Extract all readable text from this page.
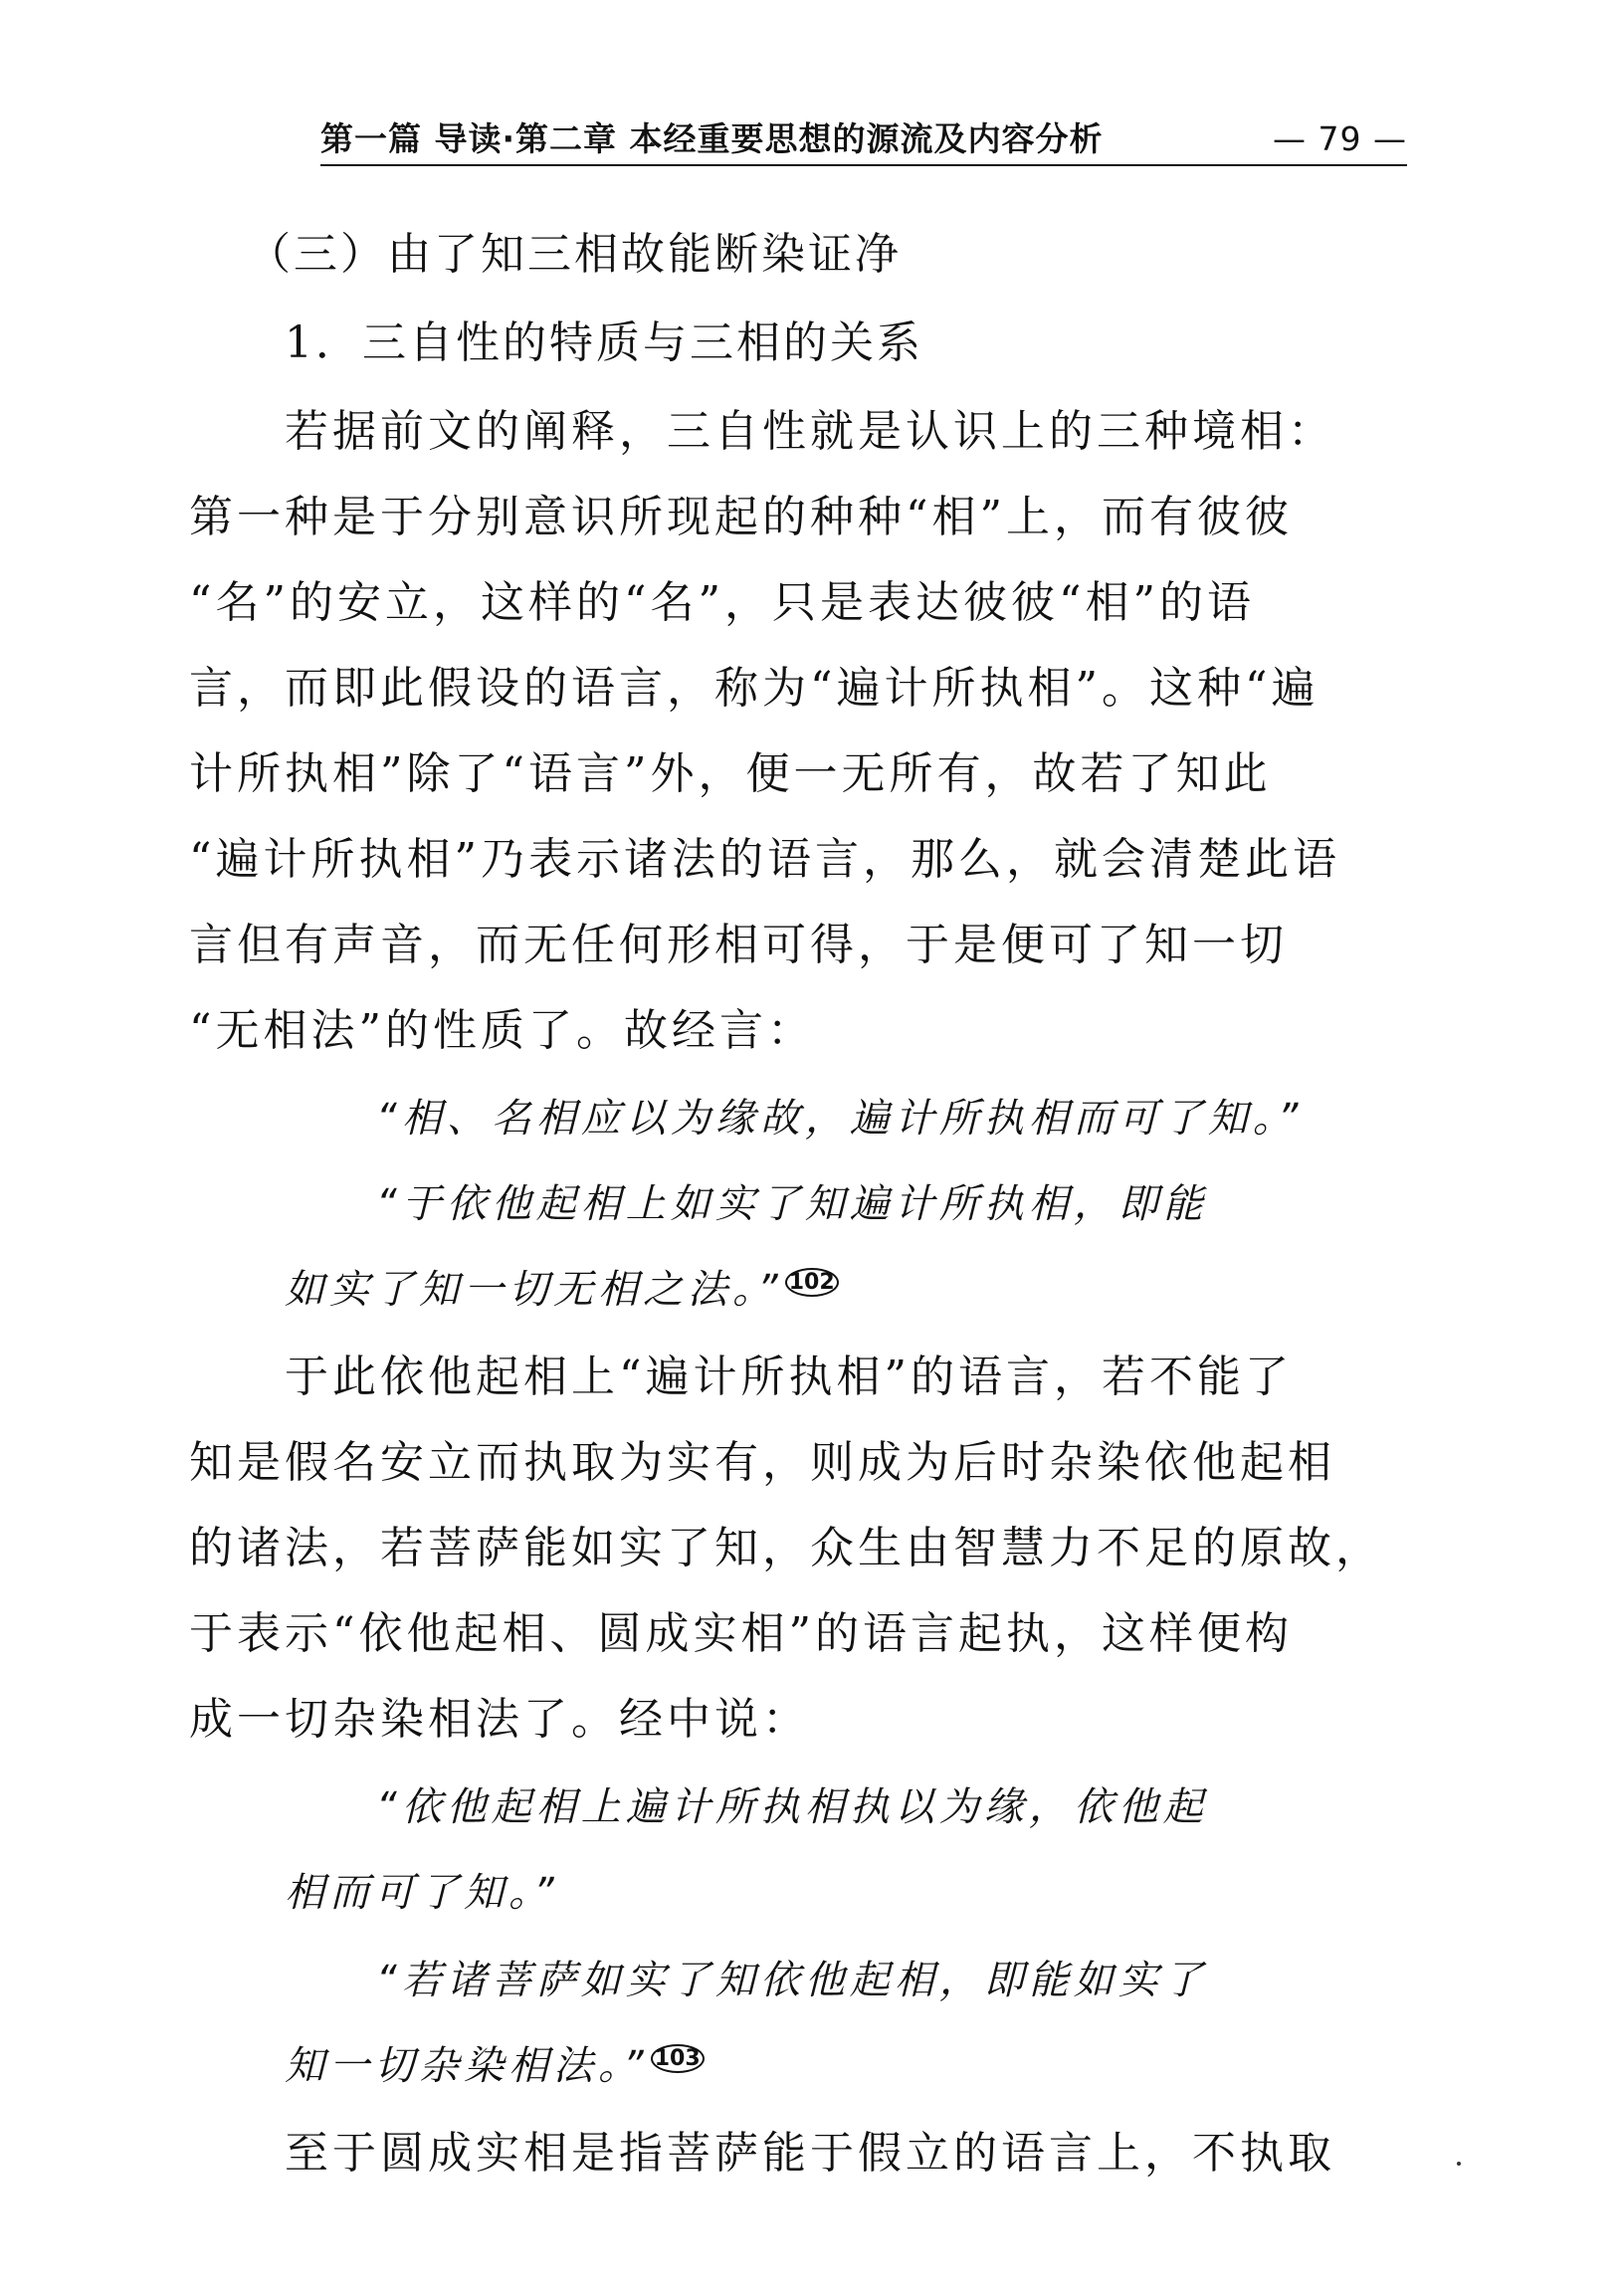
第一篇 导读·第二章 本经重要思想的源流及内容分析	— 79 —
（三）由了知三相故能断染证净
1．三自性的特质与三相的关系
若据前文的阐释，三自性就是认识上的三种境相：
第一种是于分别意识所现起的种种“相”上，而有彼彼
“名”的安立，这样的“名”，只是表达彼彼“相”的语
言，而即此假设的语言，称为“遍计所执相”。这种“遍
计所执相”除了“语言”外，便一无所有，故若了知此
“遍计所执相”乃表示诸法的语言，那么，就会清楚此语
言但有声音，而无任何形相可得，于是便可了知一切
“无相法”的性质了。故经言：
“相、名相应以为缘故，遍计所执相而可了知。”
“于依他起相上如实了知遍计所执相，即能
如实了知一切无相之法。” $^{102}$
于此依他起相上“遍计所执相”的语言，若不能了
知是假名安立而执取为实有，则成为后时杂染依他起相
的诸法，若菩萨能如实了知，众生由智慧力不足的原故，
于表示“依他起相、圆成实相”的语言起执，这样便构
成一切杂染相法了。经中说：
“依他起相上遍计所执相执以为缘，依他起
相而可了知。”
“若诸菩萨如实了知依他起相，即能如实了
知一切杂染相法。” $^{103}$
至于圆成实相是指菩萨能于假立的语言上，不执取
